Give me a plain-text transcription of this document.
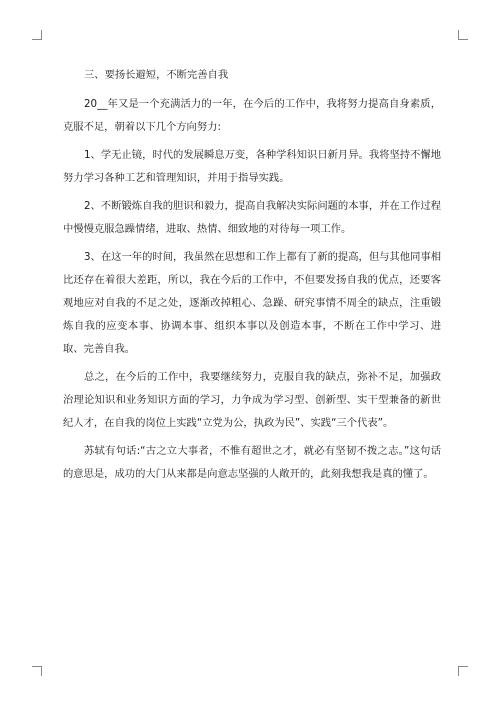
三、要扬长避短，不断完善自我

20__年又是一个充满活力的一年，在今后的工作中，我将努力提高自身素质，克服不足，朝着以下几个方向努力:

1、学无止镜，时代的发展瞬息万变，各种学科知识日新月异。我将坚持不懈地努力学习各种工艺和管理知识，并用于指导实践。

2、不断锻炼自我的胆识和毅力，提高自我解决实际问题的本事，并在工作过程中慢慢克服急躁情绪，进取、热情、细致地的对待每一项工作。

3、在这一年的时间，我虽然在思想和工作上都有了新的提高，但与其他同事相比还存在着很大差距，所以，我在今后的工作中，不但要发扬自我的优点，还要客观地应对自我的不足之处，逐渐改掉粗心、急躁、研究事情不周全的缺点，注重锻炼自我的应变本事、协调本事、组织本事以及创造本事，不断在工作中学习、进取、完善自我。

总之，在今后的工作中，我要继续努力，克服自我的缺点，弥补不足，加强政治理论知识和业务知识方面的学习，力争成为学习型、创新型、实干型兼备的新世纪人才，在自我的岗位上实践“立党为公，执政为民”、实践“三个代表”。

苏轼有句话:“古之立大事者，不惟有超世之才，就必有坚韧不拨之志。”这句话的意思是，成功的大门从来都是向意志坚强的人敞开的，此刻我想我是真的懂了。
